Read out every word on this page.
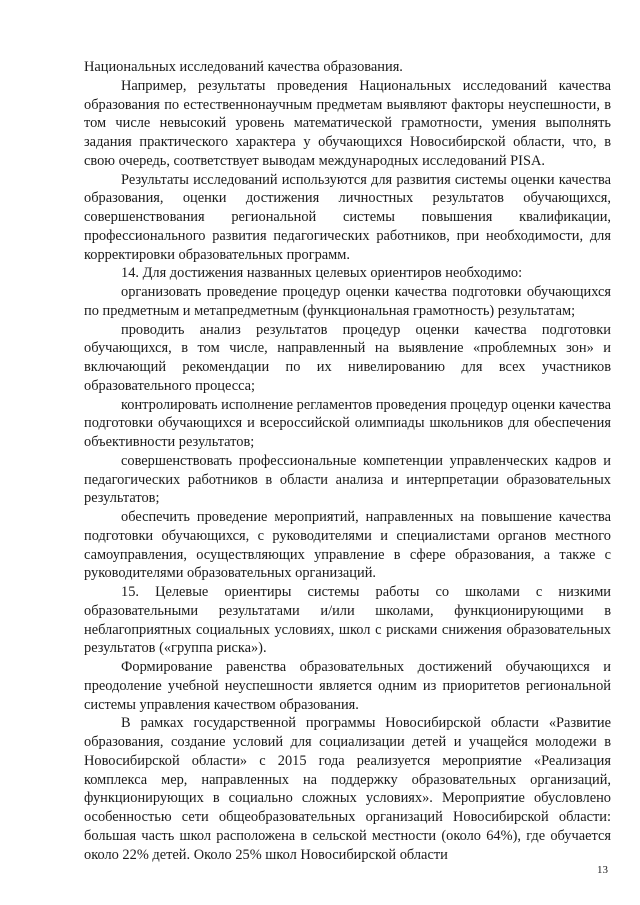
Национальных исследований качества образования.

Например, результаты проведения Национальных исследований качества образования по естественнонаучным предметам выявляют факторы неуспешности, в том числе невысокий уровень математической грамотности, умения выполнять задания практического характера у обучающихся Новосибирской области, что, в свою очередь, соответствует выводам международных исследований PISA.

Результаты исследований используются для развития системы оценки качества образования, оценки достижения личностных результатов обучающихся, совершенствования региональной системы повышения квалификации, профессионального развития педагогических работников, при необходимости, для корректировки образовательных программ.

14. Для достижения названных целевых ориентиров необходимо:

организовать проведение процедур оценки качества подготовки обучающихся по предметным и метапредметным (функциональная грамотность) результатам;

проводить анализ результатов процедур оценки качества подготовки обучающихся, в том числе, направленный на выявление «проблемных зон» и включающий рекомендации по их нивелированию для всех участников образовательного процесса;

контролировать исполнение регламентов проведения процедур оценки качества подготовки обучающихся и всероссийской олимпиады школьников для обеспечения объективности результатов;

совершенствовать профессиональные компетенции управленческих кадров и педагогических работников в области анализа и интерпретации образовательных результатов;

обеспечить проведение мероприятий, направленных на повышение качества подготовки обучающихся, с руководителями и специалистами органов местного самоуправления, осуществляющих управление в сфере образования, а также с руководителями образовательных организаций.

15. Целевые ориентиры системы работы со школами с низкими образовательными результатами и/или школами, функционирующими в неблагоприятных социальных условиях, школ с рисками снижения образовательных результатов («группа риска»).

Формирование равенства образовательных достижений обучающихся и преодоление учебной неуспешности является одним из приоритетов региональной системы управления качеством образования.

В рамках государственной программы Новосибирской области «Развитие образования, создание условий для социализации детей и учащейся молодежи в Новосибирской области» с 2015 года реализуется мероприятие «Реализация комплекса мер, направленных на поддержку образовательных организаций, функционирующих в социально сложных условиях». Мероприятие обусловлено особенностью сети общеобразовательных организаций Новосибирской области: большая часть школ расположена в сельской местности (около 64%), где обучается около 22% детей. Около 25% школ Новосибирской области

13
